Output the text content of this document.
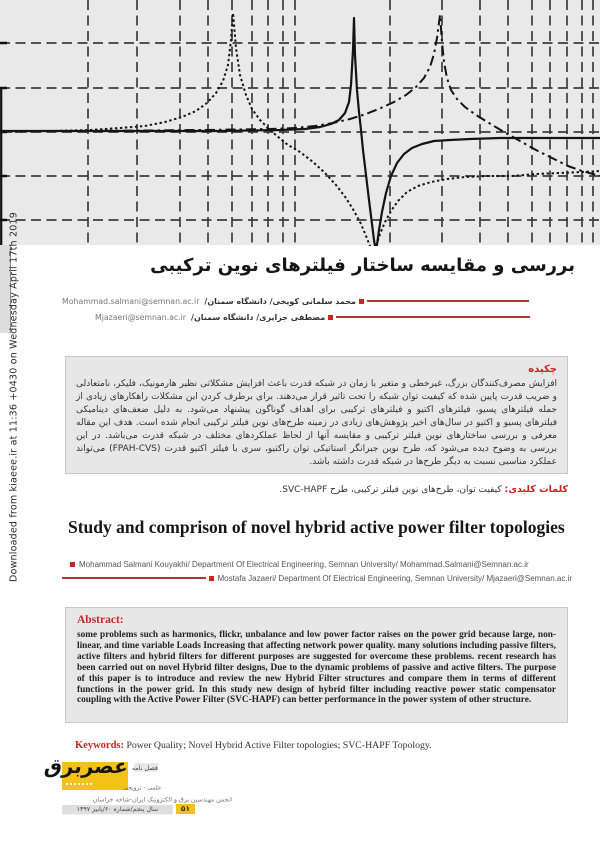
Downloaded from kiaeee.ir at 11:36 +0430 on Wednesday April 17th 2019	بررسی و مقایسه ساختار فیلترهای نوین ترکیبی
Mohammad.salmani@semnan.ac.ir محمد سلمانی کویخی/ دانشگاه سمنان/
Mjazaeri@semnan.ac.ir مصطفی جزایری/ دانشگاه سمنان/
چکیده
افزایش مصرف‌کنندگان بزرگ، غیرخطی و متغیر با زمان در شبکه قدرت باعث افزایش مشکلاتی نظیر هارمونیک، فلیکر، نامتعادلی و ضریب قدرت پایین شده که کیفیت توان شبکه را تحت تاثیر قرار می‌دهند. برای برطرف کردن این مشکلات راهکارهای زیادی از جمله فیلترهای پسیو، فیلترهای اکتیو و فیلترهای ترکیبی برای اهداف گوناگون پیشنهاد می‌شود. به دلیل ضعف‌های دینامیکی فیلترهای پسیو و اکتیو در سال‌های اخیر پژوهش‌های زیادی در زمینه طرح‌های نوین فیلتر ترکیبی انجام شده است. هدف این مقاله معرفی و بررسی ساختارهای نوین فیلتر ترکیبی و مقایسه آنها از لحاظ عملکردهای مختلف در شبکه قدرت می‌باشد. در این بررسی به وضوح دیده می‌شود که، طرح نوین جبرانگر استاتیکی توان راکتیو، سری با فیلتر اکتیو قدرت (FPAH-CVS) می‌تواند عملکرد مناسبی نسبت به دیگر طرح‌ها در شبکه قدرت داشته باشد.
کلمات کلیدی: کیفیت توان، طرح‌های نوین فیلتر ترکیبی، طرح SVC-HAPF.
Study and comprison of novel hybrid active power filter topologies
Mohammad Salmani Kouyakhi/ Department Of Electrical Engineering, Semnan University/ Mohammad.Salmani@Semnan.ac.ir
Mostafa Jazaeri/ Department Of Electrical Engineering, Semnan University/ Mjazaeri@Semnan.ac.ir
Abstract:
some problems such as harmonics, flickr, unbalance and low power factor raises on the power grid because large, non-linear, and time variable Loads Increasing that affecting network power quality. many solutions including passive filters, active filters and hybrid filters for different purposes are suggested for overcome these problems. recent research has been carried out on novel Hybrid filter designs, Due to the dynamic problems of passive and active filters. The purpose of this paper is to introduce and review the new Hybrid Filter structures and compare them in terms of different functions in the power grid. In this study new design of hybrid filter including reactive power static compensator coupling with the Active Power Filter (SVC-HAPF) can better performance in the power system of other structure.
Keywords: Power Quality; Novel Hybrid Active Filter topologies; SVC-HAPF Topology.
عصربرق فصل نامه
علمی - ترویجی
انجمن مهندسین برق و الکترونیک ایران-شاخه خراسان
سال پنجم/شماره ۶۰/پاییز ۱۳۹۷	۵۱
